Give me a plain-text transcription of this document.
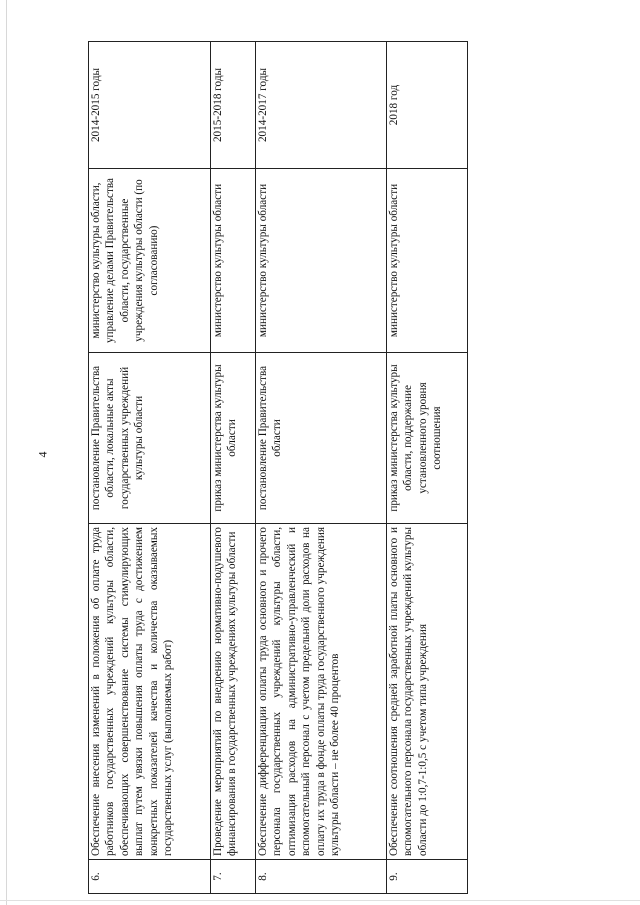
4
6.	Обеспечение внесения изменений в положения об оплате труда работников государственных учреждений культуры области, обеспечивающих совершенствование системы стимулирующих выплат путем увязки повышения оплаты труда с достижением конкретных показателей качества и количества оказываемых государственных услуг (выполняемых работ)	постановление Правительства области, локальные акты государственных учреждений культуры области	министерство культуры области, управление делами Правительства области, государственные учреждения культуры области (по согласованию)	2014-2015 годы
7.	Проведение мероприятий по внедрению нормативно-подушевого финансирования в государственных учреждениях культуры области	приказ министерства культуры области	министерство культуры области	2015-2018 годы
8.	Обеспечение дифференциации оплаты труда основного и прочего персонала государственных учреждений культуры области, оптимизация расходов на административно-управленческий и вспомогательный персонал с учетом предельной доли расходов на оплату их труда в фонде оплаты труда государственного учреждения культуры области – не более 40 процентов	постановление Правительства области	министерство культуры области	2014-2017 годы
9.	Обеспечение соотношения средней заработной платы основного и вспомогательного персонала государственных учреждений культуры области до 1:0,7-1:0,5 с учетом типа учреждения	приказ министерства культуры области, поддержание установленного уровня соотношения	министерство культуры области	2018 год
